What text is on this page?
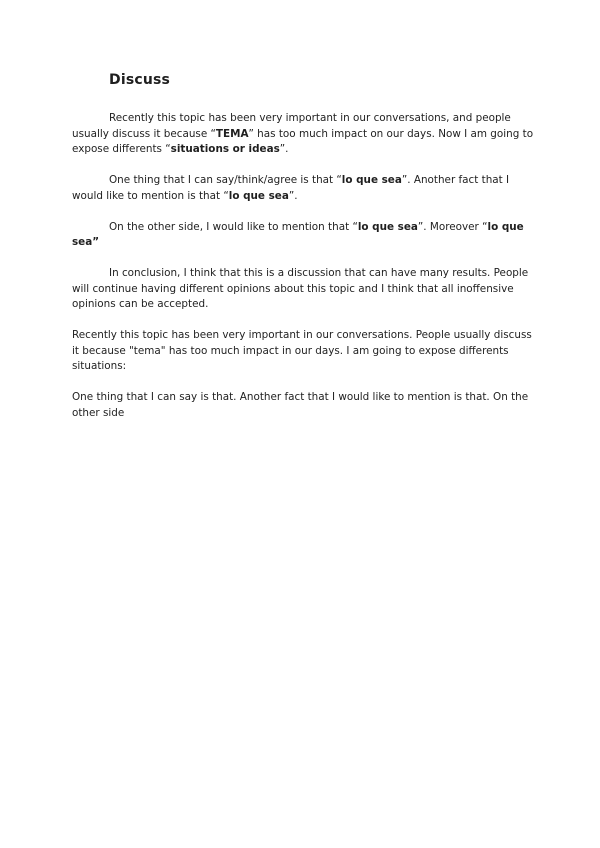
Discuss

Recently this topic has been very important in our conversations, and people usually discuss it because “TEMA” has too much impact on our days. Now I am going to expose differents “situations or ideas”.

One thing that I can say/think/agree is that “lo que sea”. Another fact that I would like to mention is that “lo que sea”.

On the other side, I would like to mention that “lo que sea”. Moreover “lo que sea”

In conclusion, I think that this is a discussion that can have many results. People will continue having different opinions about this topic and I think that all inoffensive opinions can be accepted.

Recently this topic has been very important in our conversations. People usually discuss it because "tema" has too much impact in our days. I am going to expose differents situations:

One thing that I can say is that. Another fact that I would like to mention is that. On the other side
